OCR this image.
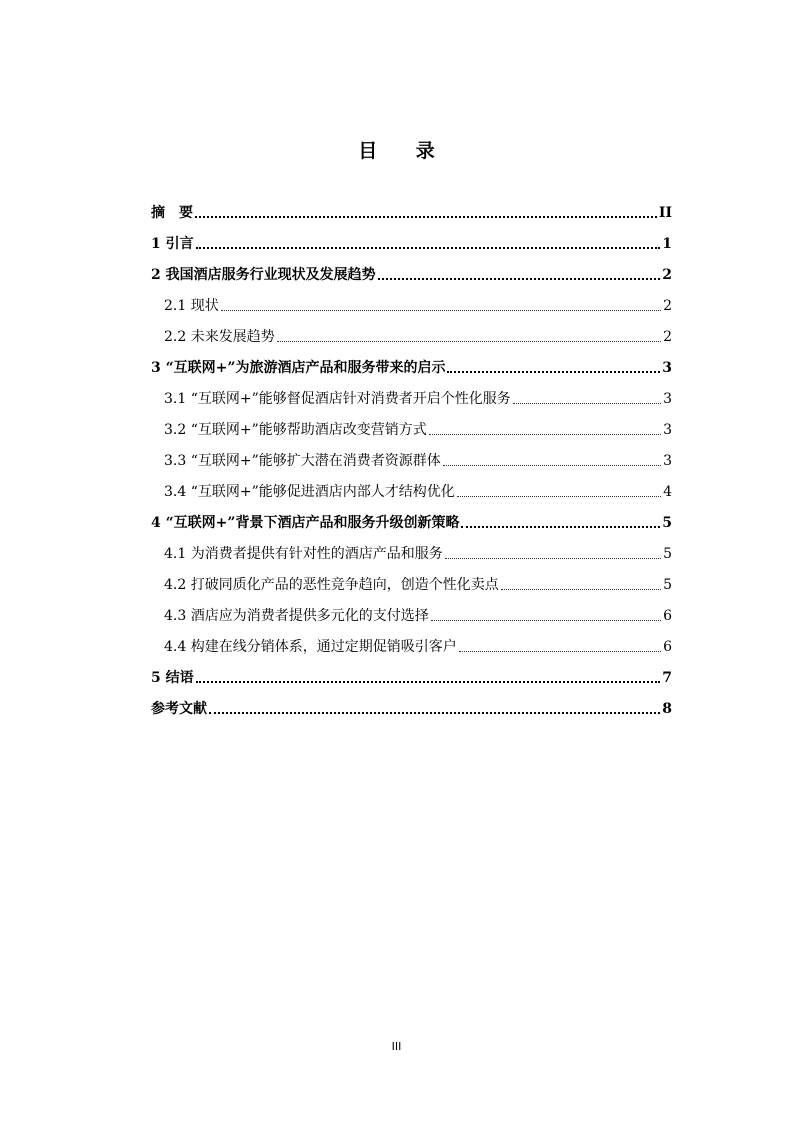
目 录
摘　要	II
1 引言	1
2 我国酒店服务行业现状及发展趋势	2
2.1 现状	2
2.2 未来发展趋势	2
3 “互联网+”为旅游酒店产品和服务带来的启示	3
3.1 “互联网+”能够督促酒店针对消费者开启个性化服务	3
3.2 “互联网+”能够帮助酒店改变营销方式	3
3.3 “互联网+”能够扩大潜在消费者资源群体	3
3.4 “互联网+”能够促进酒店内部人才结构优化	4
4 “互联网+”背景下酒店产品和服务升级创新策略	5
4.1 为消费者提供有针对性的酒店产品和服务	5
4.2 打破同质化产品的恶性竞争趋向，创造个性化卖点	5
4.3 酒店应为消费者提供多元化的支付选择	6
4.4 构建在线分销体系，通过定期促销吸引客户	6
5 结语	7
参考文献	8
III
